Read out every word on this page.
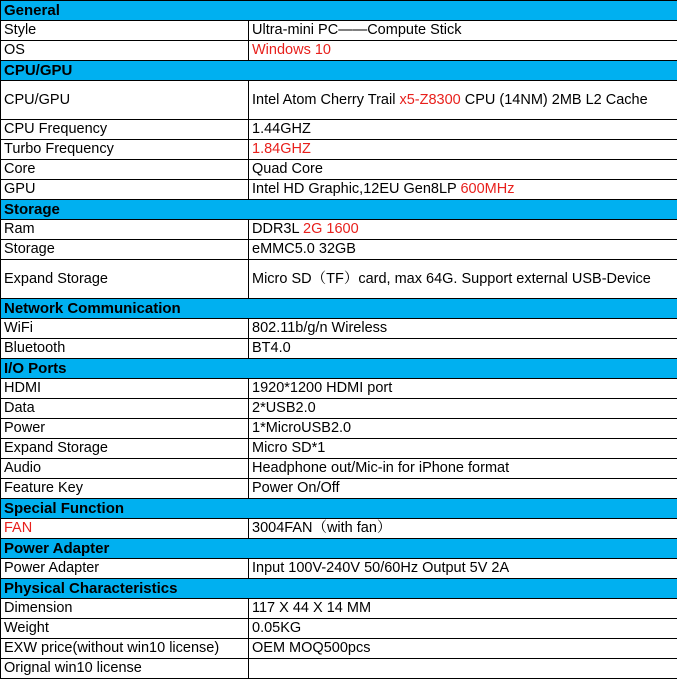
General	
Style	Ultra-mini PC——Compute Stick
OS	Windows 10
CPU/GPU	
CPU/GPU	Intel Atom Cherry Trail x5-Z8300 CPU (14NM) 2MB L2 Cache
CPU Frequency	1.44GHZ
Turbo Frequency	1.84GHZ
Core	Quad Core
GPU	Intel HD Graphic,12EU Gen8LP 600MHz
Storage	
Ram	DDR3L 2G 1600
Storage	eMMC5.0 32GB
Expand Storage	Micro SD（TF）card, max 64G. Support external USB-Device
Network Communication	
WiFi	802.11b/g/n Wireless
Bluetooth	BT4.0
I/O Ports	
HDMI	1920*1200 HDMI port
Data	2*USB2.0
Power	1*MicroUSB2.0
Expand Storage	Micro SD*1
Audio	Headphone out/Mic-in for iPhone format
Feature Key	Power On/Off
Special Function	
FAN	3004FAN（with fan）
Power Adapter	
Power Adapter	Input 100V-240V 50/60Hz Output 5V 2A
Physical Characteristics	
Dimension	117 X 44 X 14 MM
Weight	0.05KG
EXW price(without win10 license)	OEM MOQ500pcs
Orignal win10 license	
